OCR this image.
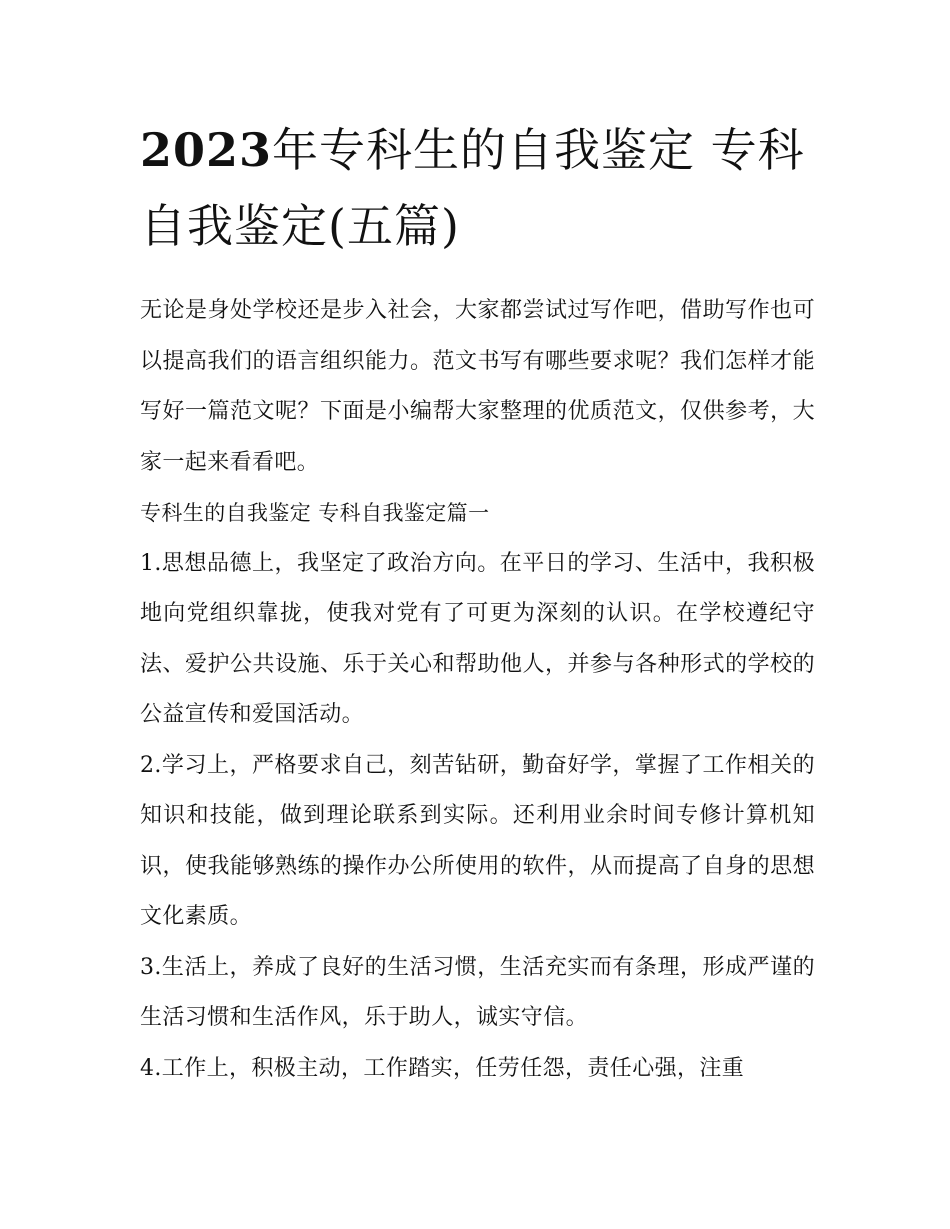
2023年专科生的自我鉴定 专科自我鉴定(五篇)

无论是身处学校还是步入社会，大家都尝试过写作吧，借助写作也可以提高我们的语言组织能力。范文书写有哪些要求呢？我们怎样才能写好一篇范文呢？下面是小编帮大家整理的优质范文，仅供参考，大家一起来看看吧。

专科生的自我鉴定 专科自我鉴定篇一

1.思想品德上，我坚定了政治方向。在平日的学习、生活中，我积极地向党组织靠拢，使我对党有了可更为深刻的认识。在学校遵纪守法、爱护公共设施、乐于关心和帮助他人，并参与各种形式的学校的公益宣传和爱国活动。

2.学习上，严格要求自己，刻苦钻研，勤奋好学，掌握了工作相关的知识和技能，做到理论联系到实际。还利用业余时间专修计算机知识，使我能够熟练的操作办公所使用的软件，从而提高了自身的思想文化素质。

3.生活上，养成了良好的生活习惯，生活充实而有条理，形成严谨的生活习惯和生活作风，乐于助人，诚实守信。

4.工作上，积极主动，工作踏实，任劳任怨，责任心强，注重
